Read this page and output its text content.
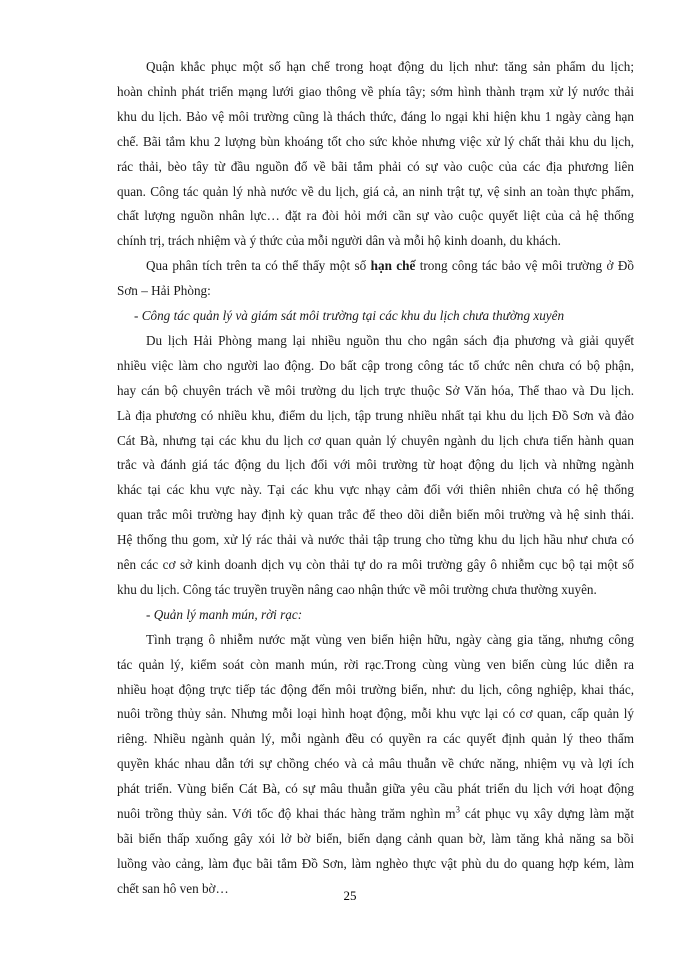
Quận khắc phục một số hạn chế trong hoạt động du lịch như: tăng sản phẩm du lịch;
hoàn chỉnh phát triển mạng lưới giao thông về phía tây; sớm hình thành trạm xử lý nước thải
khu du lịch. Bảo vệ môi trường cũng là thách thức, đáng lo ngại khi hiện khu 1 ngày càng hạn
chế. Bãi tắm khu 2 lượng bùn khoáng tốt cho sức khỏe nhưng việc xử lý chất thải khu du lịch,
rác thải, bèo tây từ đầu nguồn đổ về bãi tắm phải có sự vào cuộc của các địa phương liên
quan. Công tác quản lý nhà nước về du lịch, giá cả, an ninh trật tự, vệ sinh an toàn thực phẩm,
chất lượng nguồn nhân lực… đặt ra đòi hỏi mới cần sự vào cuộc quyết liệt của cả hệ thống
chính trị, trách nhiệm và ý thức của mỗi người dân và mỗi hộ kinh doanh, du khách.
Qua phân tích trên ta có thể thấy một số hạn chế trong công tác bảo vệ môi trường ở Đồ
Sơn – Hải Phòng:
- Công tác quản lý và giám sát môi trường tại các khu du lịch chưa thường xuyên
Du lịch Hải Phòng mang lại nhiều nguồn thu cho ngân sách địa phương và giải quyết
nhiều việc làm cho người lao động. Do bất cập trong công tác tổ chức nên chưa có bộ phận,
hay cán bộ chuyên trách về môi trường du lịch trực thuộc Sở Văn hóa, Thể thao và Du lịch.
Là địa phương có nhiều khu, điểm du lịch, tập trung nhiều nhất tại khu du lịch Đồ Sơn và đảo
Cát Bà, nhưng tại các khu du lịch cơ quan quản lý chuyên ngành du lịch chưa tiến hành quan
trắc và đánh giá tác động du lịch đối với môi trường từ hoạt động du lịch và những ngành
khác tại các khu vực này. Tại các khu vực nhạy cảm đối với thiên nhiên chưa có hệ thống
quan trắc môi trường hay định kỳ quan trắc để theo dõi diễn biến môi trường và hệ sinh thái.
Hệ thống thu gom, xử lý rác thải và nước thải tập trung cho từng khu du lịch hầu như chưa có
nên các cơ sở kinh doanh dịch vụ còn thải tự do ra môi trường gây ô nhiễm cục bộ tại một số
khu du lịch. Công tác truyền truyền nâng cao nhận thức về môi trường chưa thường xuyên.
- Quản lý manh mún, rời rạc:
Tình trạng ô nhiễm nước mặt vùng ven biển hiện hữu, ngày càng gia tăng, nhưng công
tác quản lý, kiểm soát còn manh mún, rời rạc.Trong cùng vùng ven biển cùng lúc diễn ra
nhiều hoạt động trực tiếp tác động đến môi trường biển, như: du lịch, công nghiệp, khai thác,
nuôi trồng thủy sản. Nhưng mỗi loại hình hoạt động, mỗi khu vực lại có cơ quan, cấp quản lý
riêng. Nhiều ngành quản lý, mỗi ngành đều có quyền ra các quyết định quản lý theo thẩm
quyền khác nhau dẫn tới sự chồng chéo và cả mâu thuẫn về chức năng, nhiệm vụ và lợi ích
phát triển. Vùng biển Cát Bà, có sự mâu thuẫn giữa yêu cầu phát triển du lịch với hoạt động
nuôi trồng thủy sản. Với tốc độ khai thác hàng trăm nghìn $m^3$ cát phục vụ xây dựng làm mặt
bãi biển thấp xuống gây xói lở bờ biển, biến dạng cảnh quan bờ, làm tăng khả năng sa bồi
luồng vào cảng, làm đục bãi tắm Đồ Sơn, làm nghèo thực vật phù du do quang hợp kém, làm
chết san hô ven bờ…	25
